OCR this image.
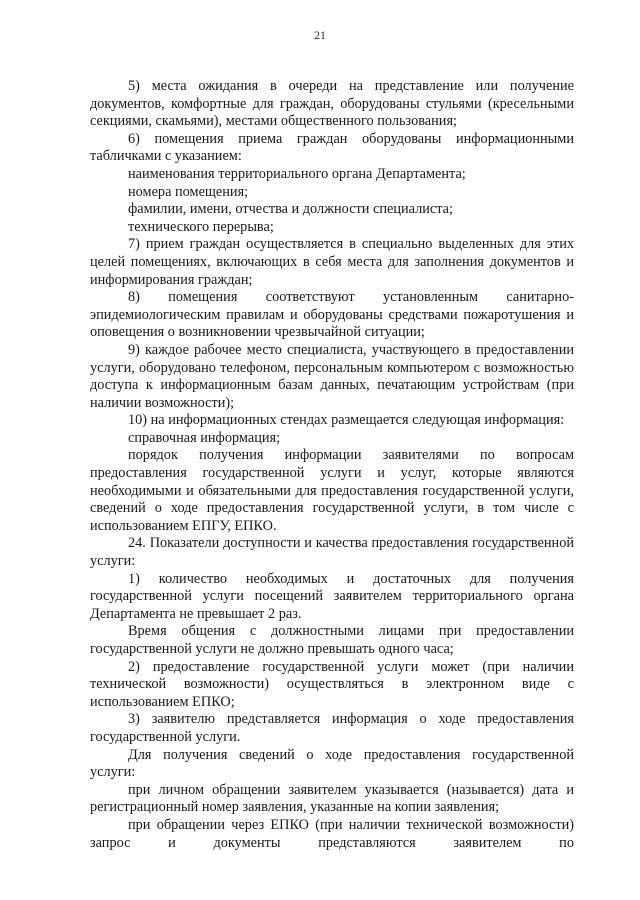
21

5) места ожидания в очереди на представление или получение документов, комфортные для граждан, оборудованы стульями (кресельными секциями, скамьями), местами общественного пользования;

6) помещения приема граждан оборудованы информационными табличками с указанием:

наименования территориального органа Департамента;

номера помещения;

фамилии, имени, отчества и должности специалиста;

технического перерыва;

7) прием граждан осуществляется в специально выделенных для этих целей помещениях, включающих в себя места для заполнения документов и информирования граждан;

8) помещения соответствуют установленным санитарно-эпидемиологическим правилам и оборудованы средствами пожаротушения и оповещения о возникновении чрезвычайной ситуации;

9) каждое рабочее место специалиста, участвующего в предоставлении услуги, оборудовано телефоном, персональным компьютером с возможностью доступа к информационным базам данных, печатающим устройствам (при наличии возможности);

10) на информационных стендах размещается следующая информация:

справочная информация;

порядок получения информации заявителями по вопросам предоставления государственной услуги и услуг, которые являются необходимыми и обязательными для предоставления государственной услуги, сведений о ходе предоставления государственной услуги, в том числе с использованием ЕПГУ, ЕПКО.

24. Показатели доступности и качества предоставления государственной услуги:

1) количество необходимых и достаточных для получения государственной услуги посещений заявителем территориального органа Департамента не превышает 2 раз.

Время общения с должностными лицами при предоставлении государственной услуги не должно превышать одного часа;

2) предоставление государственной услуги может (при наличии технической возможности) осуществляться в электронном виде с использованием ЕПКО;

3) заявителю представляется информация о ходе предоставления государственной услуги.

Для получения сведений о ходе предоставления государственной услуги:

при личном обращении заявителем указывается (называется) дата и регистрационный номер заявления, указанные на копии заявления;

при обращении через ЕПКО (при наличии технической возможности) запрос и документы представляются заявителем по
